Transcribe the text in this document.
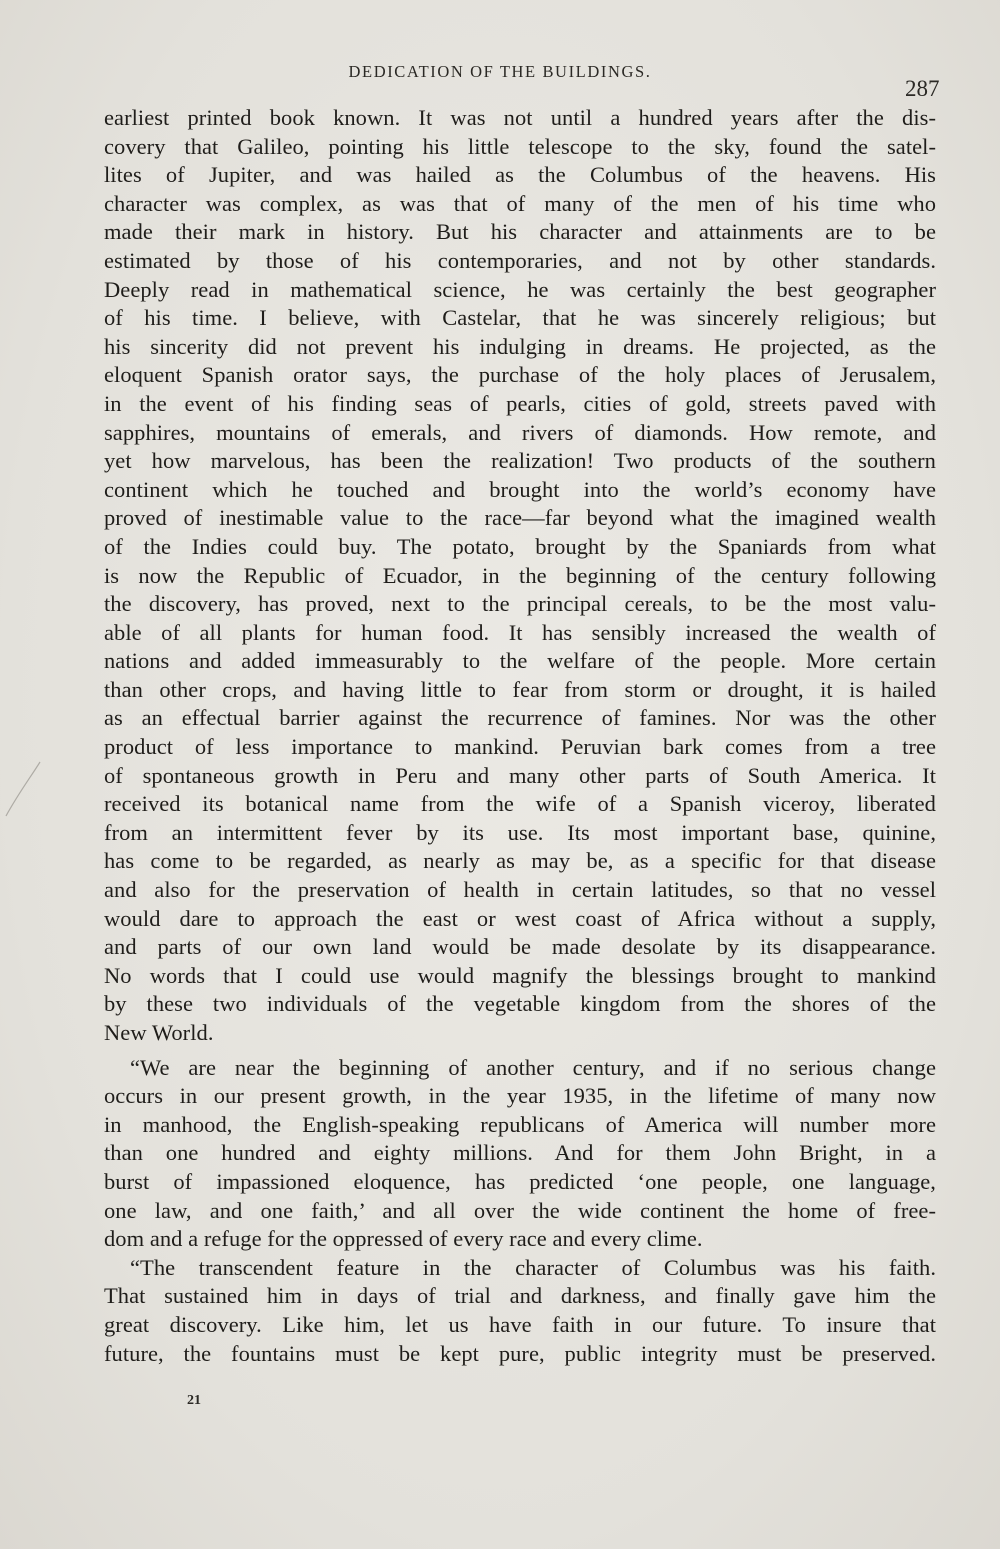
DEDICATION OF THE BUILDINGS.
287
earliest printed book known. It was not until a hundred years after the dis-
covery that Galileo, pointing his little telescope to the sky, found the satel-
lites of Jupiter, and was hailed as the Columbus of the heavens. His
character was complex, as was that of many of the men of his time who
made their mark in history. But his character and attainments are to be
estimated by those of his contemporaries, and not by other standards.
Deeply read in mathematical science, he was certainly the best geographer
of his time. I believe, with Castelar, that he was sincerely religious; but
his sincerity did not prevent his indulging in dreams. He projected, as the
eloquent Spanish orator says, the purchase of the holy places of Jerusalem,
in the event of his finding seas of pearls, cities of gold, streets paved with
sapphires, mountains of emerals, and rivers of diamonds. How remote, and
yet how marvelous, has been the realization! Two products of the southern
continent which he touched and brought into the world’s economy have
proved of inestimable value to the race—far beyond what the imagined wealth
of the Indies could buy. The potato, brought by the Spaniards from what
is now the Republic of Ecuador, in the beginning of the century following
the discovery, has proved, next to the principal cereals, to be the most valu-
able of all plants for human food. It has sensibly increased the wealth of
nations and added immeasurably to the welfare of the people. More certain
than other crops, and having little to fear from storm or drought, it is hailed
as an effectual barrier against the recurrence of famines. Nor was the other
product of less importance to mankind. Peruvian bark comes from a tree
of spontaneous growth in Peru and many other parts of South America. It
received its botanical name from the wife of a Spanish viceroy, liberated
from an intermittent fever by its use. Its most important base, quinine,
has come to be regarded, as nearly as may be, as a specific for that disease
and also for the preservation of health in certain latitudes, so that no vessel
would dare to approach the east or west coast of Africa without a supply,
and parts of our own land would be made desolate by its disappearance.
No words that I could use would magnify the blessings brought to mankind
by these two individuals of the vegetable kingdom from the shores of the
New World.
“We are near the beginning of another century, and if no serious change
occurs in our present growth, in the year 1935, in the lifetime of many now
in manhood, the English-speaking republicans of America will number more
than one hundred and eighty millions. And for them John Bright, in a
burst of impassioned eloquence, has predicted ‘one people, one language,
one law, and one faith,’ and all over the wide continent the home of free-
dom and a refuge for the oppressed of every race and every clime.
“The transcendent feature in the character of Columbus was his faith.
That sustained him in days of trial and darkness, and finally gave him the
great discovery. Like him, let us have faith in our future. To insure that
future, the fountains must be kept pure, public integrity must be preserved.
21
